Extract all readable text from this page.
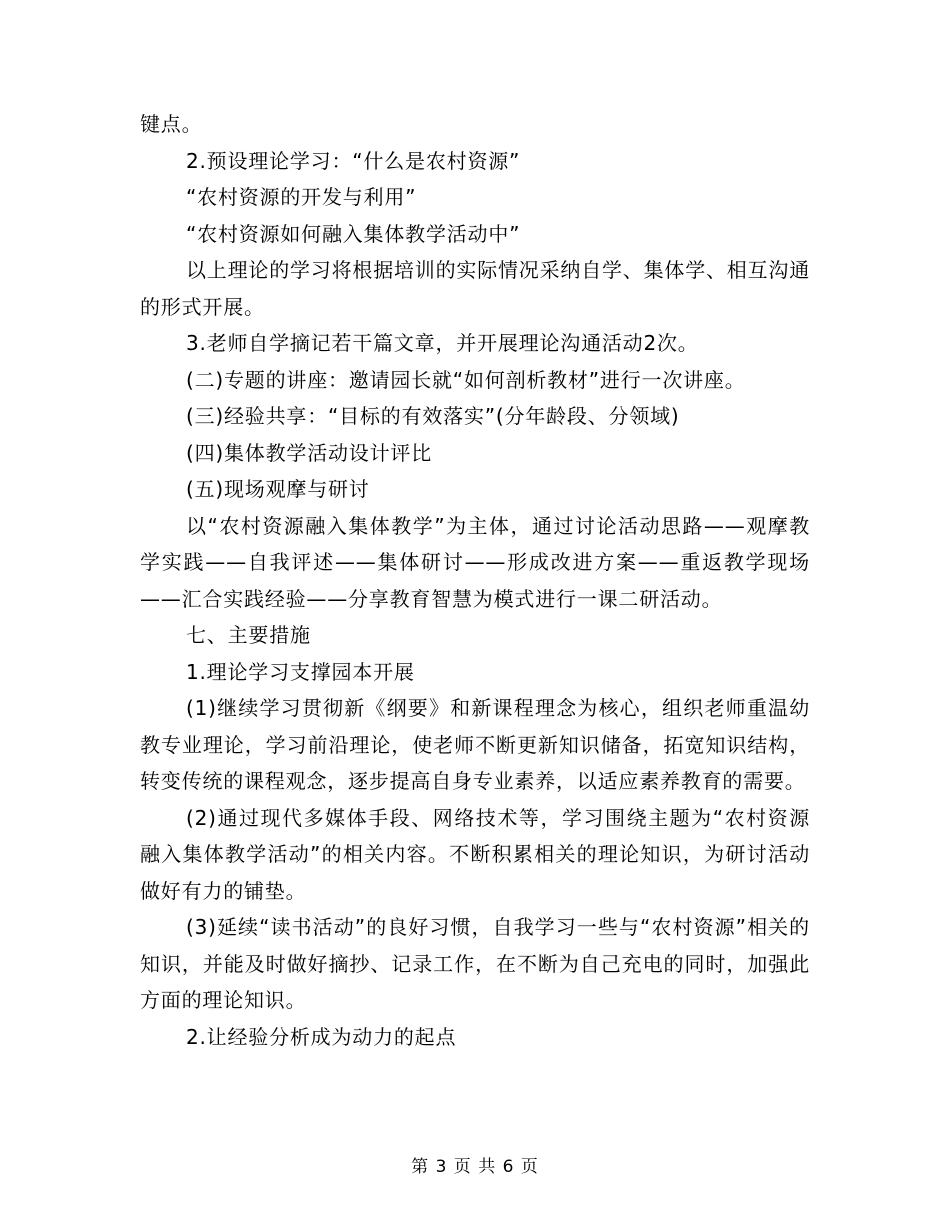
键点。

2.预设理论学习：“什么是农村资源”

“农村资源的开发与利用”

“农村资源如何融入集体教学活动中”

以上理论的学习将根据培训的实际情况采纳自学、集体学、相互沟通的形式开展。

3.老师自学摘记若干篇文章，并开展理论沟通活动2次。

(二)专题的讲座：邀请园长就“如何剖析教材”进行一次讲座。

(三)经验共享：“目标的有效落实”(分年龄段、分领域)

(四)集体教学活动设计评比

(五)现场观摩与研讨

以“农村资源融入集体教学”为主体，通过讨论活动思路——观摩教学实践——自我评述——集体研讨——形成改进方案——重返教学现场——汇合实践经验——分享教育智慧为模式进行一课二研活动。

七、主要措施

1.理论学习支撑园本开展

(1)继续学习贯彻新《纲要》和新课程理念为核心，组织老师重温幼教专业理论，学习前沿理论，使老师不断更新知识储备，拓宽知识结构，转变传统的课程观念，逐步提高自身专业素养，以适应素养教育的需要。

(2)通过现代多媒体手段、网络技术等，学习围绕主题为“农村资源融入集体教学活动”的相关内容。不断积累相关的理论知识，为研讨活动做好有力的铺垫。

(3)延续“读书活动”的良好习惯，自我学习一些与“农村资源”相关的知识，并能及时做好摘抄、记录工作，在不断为自己充电的同时，加强此方面的理论知识。

2.让经验分析成为动力的起点

第 3 页 共 6 页
